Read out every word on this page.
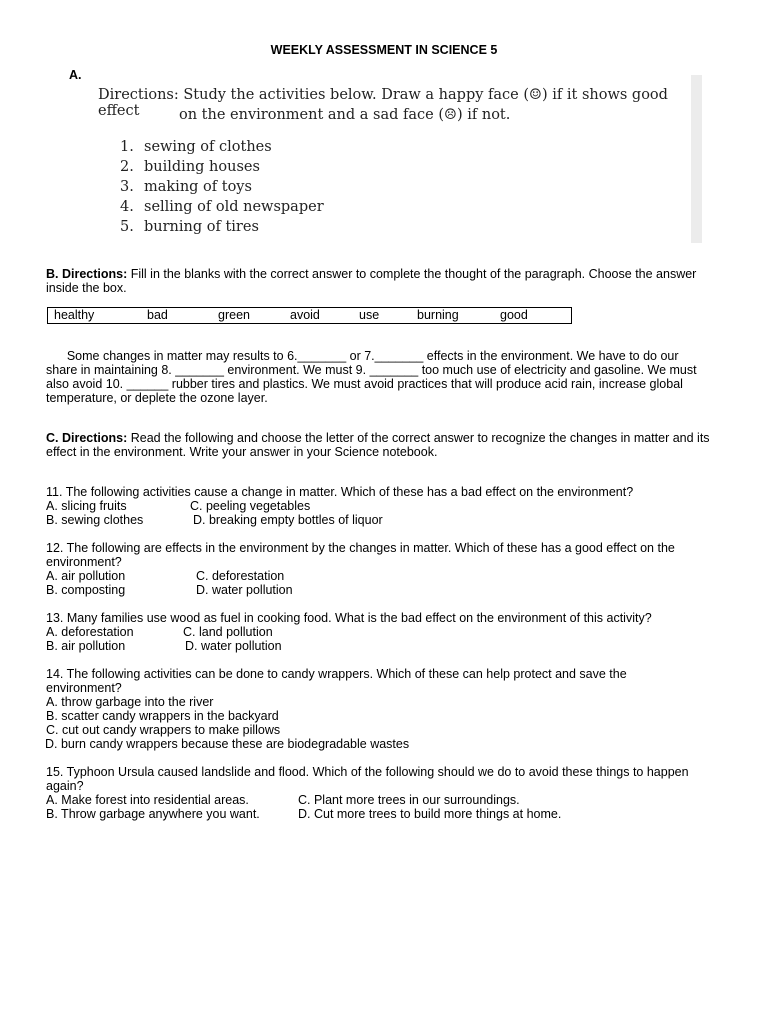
WEEKLY ASSESSMENT IN SCIENCE 5
A.
Directions: Study the activities below. Draw a happy face (☺) if it shows good effect	on the environment and a sad face (☹) if not.
1. sewing of clothes
2. building houses
3. making of toys
4. selling of old newspaper
5. burning of tires
B. Directions: Fill in the blanks with the correct answer to complete the thought of the paragraph. Choose the answer inside the box.
healthy	bad	green	avoid	use	burning	good
Some changes in matter may results to 6._______ or 7._______ effects in the environment. We have to do our
share in maintaining 8. _______ environment. We must 9. _______ too much use of electricity and gasoline. We must
also avoid 10. ______ rubber tires and plastics. We must avoid practices that will produce acid rain, increase global
temperature, or deplete the ozone layer.
C. Directions: Read the following and choose the letter of the correct answer to recognize the changes in matter and its effect in the environment. Write your answer in your Science notebook.
11. The following activities cause a change in matter. Which of these has a bad effect on the environment?
A. slicing fruits	C. peeling vegetables
B. sewing clothes	D. breaking empty bottles of liquor
12. The following are effects in the environment by the changes in matter. Which of these has a good effect on the
environment?
A. air pollution	C. deforestation
B. composting	D. water pollution
13. Many families use wood as fuel in cooking food. What is the bad effect on the environment of this activity?
A. deforestation	C. land pollution
B. air pollution	D. water pollution
14. The following activities can be done to candy wrappers. Which of these can help protect and save the
environment?
A. throw garbage into the river
B. scatter candy wrappers in the backyard
C. cut out candy wrappers to make pillows
D. burn candy wrappers because these are biodegradable wastes
15. Typhoon Ursula caused landslide and flood. Which of the following should we do to avoid these things to happen
again?
A. Make forest into residential areas.	C. Plant more trees in our surroundings.
B. Throw garbage anywhere you want.	D. Cut more trees to build more things at home.
